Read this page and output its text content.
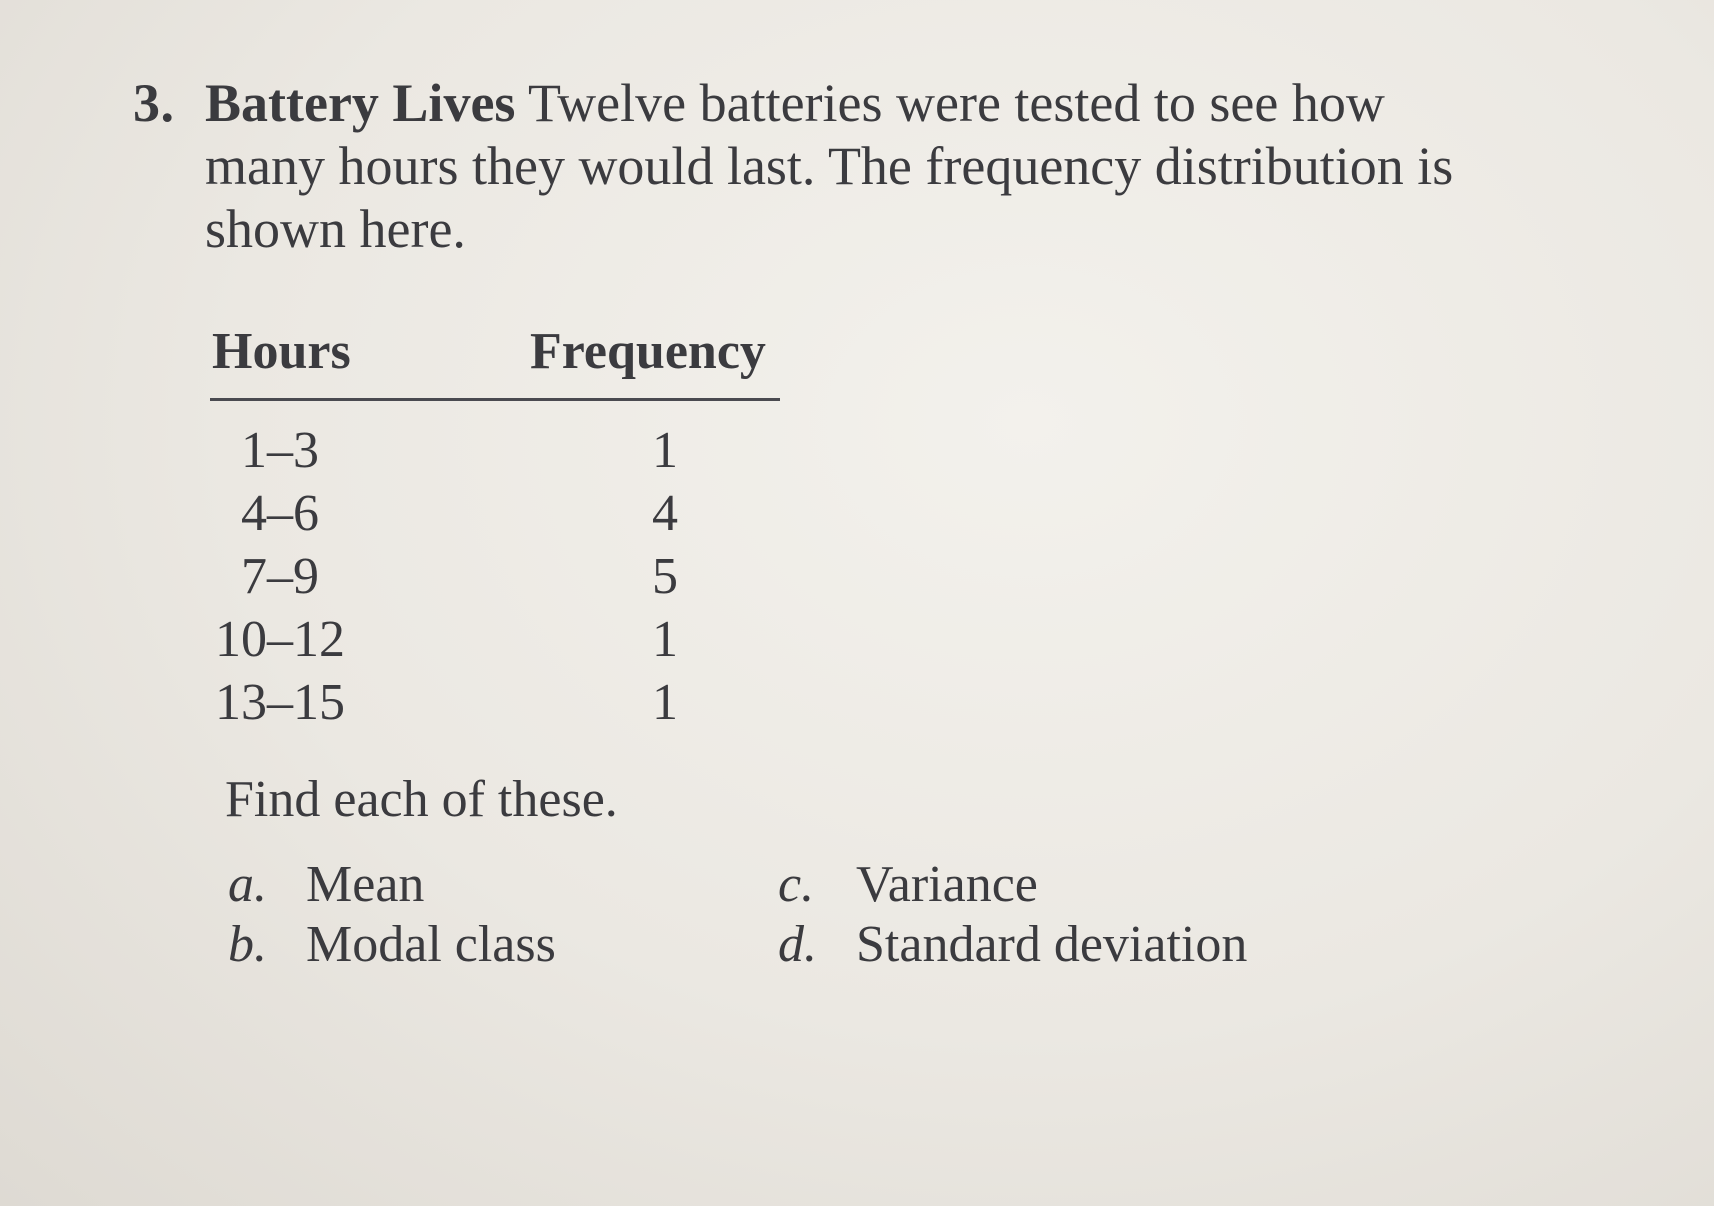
3. Battery Lives Twelve batteries were tested to see how many hours they would last. The frequency distribution is shown here.
Hours	Frequency
1–3	1
4–6	4
7–9	5
10–12	1
13–15	1
Find each of these.
a. Mean
b. Modal class
c. Variance
d. Standard deviation
